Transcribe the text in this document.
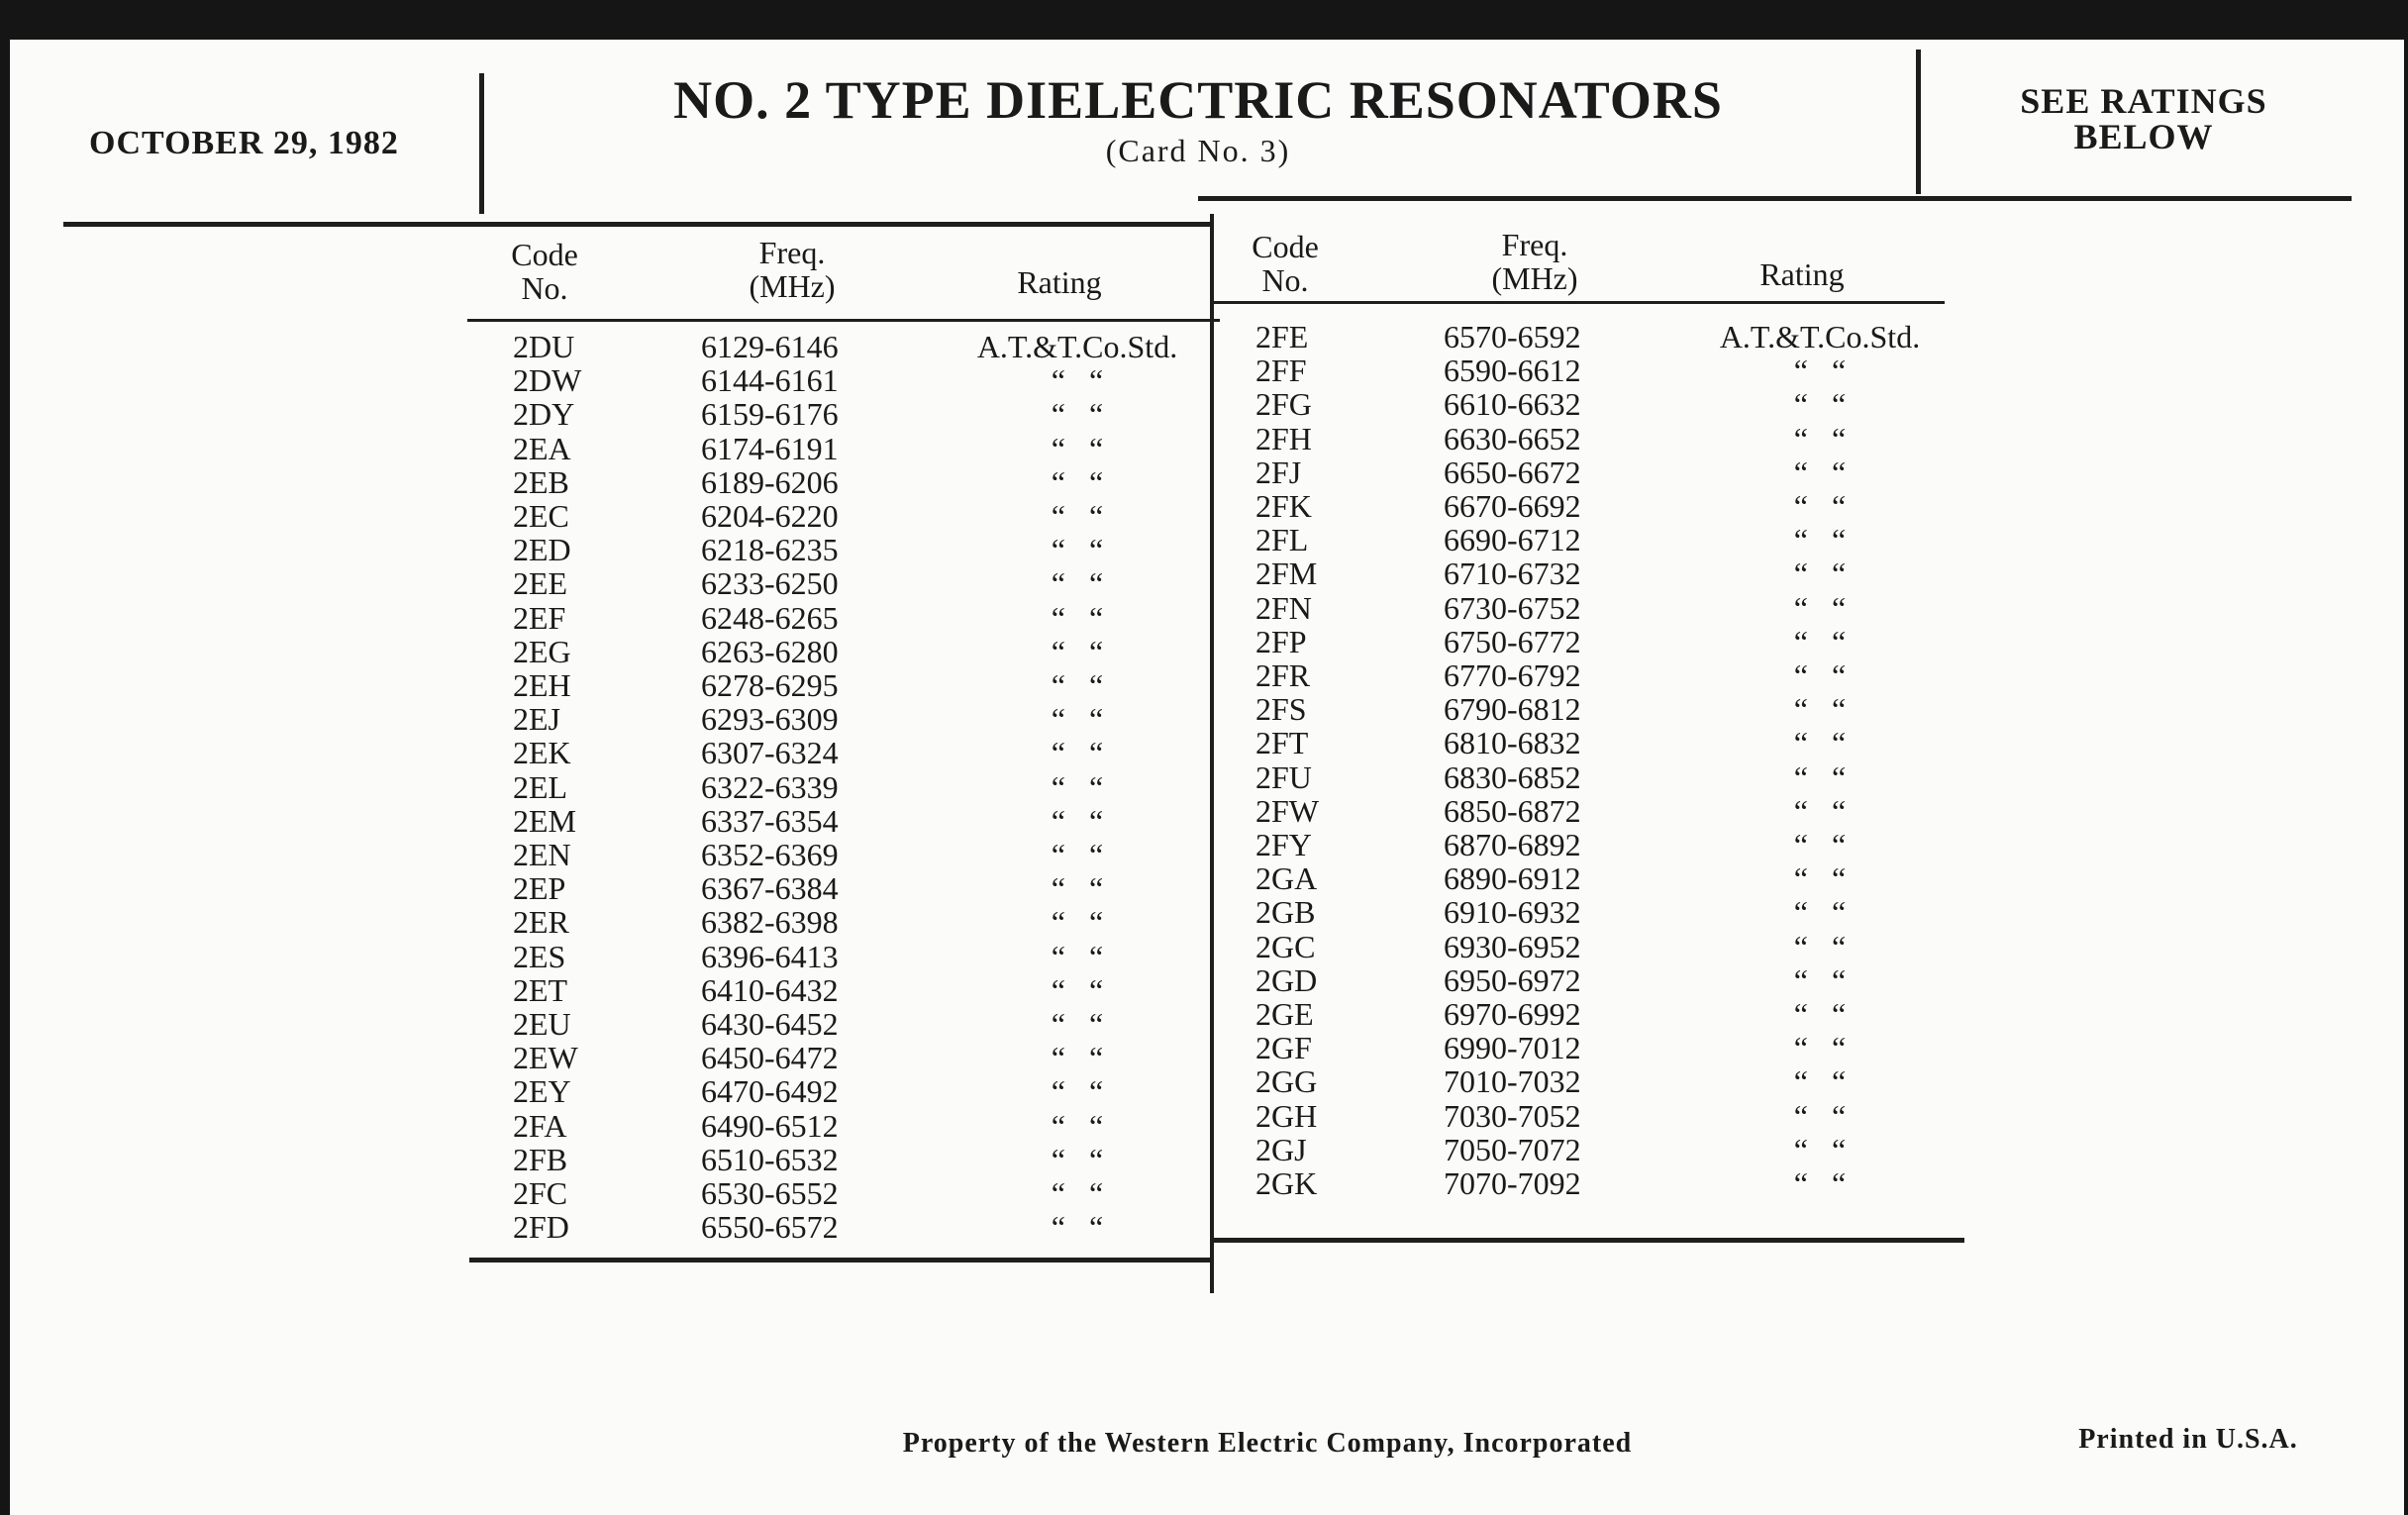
OCTOBER 29, 1982
NO. 2 TYPE DIELECTRIC RESONATORS
(Card No. 3)
SEE RATINGS
BELOW
Code
No.
Freq.
(MHz)	Rating
Code
No.
Freq.
(MHz)	Rating
2DU	6129-6146	A.T.&T.Co.Std.
2DW	6144-6161	“   “
2DY	6159-6176	“   “
2EA	6174-6191	“   “
2EB	6189-6206	“   “
2EC	6204-6220	“   “
2ED	6218-6235	“   “
2EE	6233-6250	“   “
2EF	6248-6265	“   “
2EG	6263-6280	“   “
2EH	6278-6295	“   “
2EJ	6293-6309	“   “
2EK	6307-6324	“   “
2EL	6322-6339	“   “
2EM	6337-6354	“   “
2EN	6352-6369	“   “
2EP	6367-6384	“   “
2ER	6382-6398	“   “
2ES	6396-6413	“   “
2ET	6410-6432	“   “
2EU	6430-6452	“   “
2EW	6450-6472	“   “
2EY	6470-6492	“   “
2FA	6490-6512	“   “
2FB	6510-6532	“   “
2FC	6530-6552	“   “
2FD	6550-6572	“   “
2FE	6570-6592	A.T.&T.Co.Std.
2FF	6590-6612	“   “
2FG	6610-6632	“   “
2FH	6630-6652	“   “
2FJ	6650-6672	“   “
2FK	6670-6692	“   “
2FL	6690-6712	“   “
2FM	6710-6732	“   “
2FN	6730-6752	“   “
2FP	6750-6772	“   “
2FR	6770-6792	“   “
2FS	6790-6812	“   “
2FT	6810-6832	“   “
2FU	6830-6852	“   “
2FW	6850-6872	“   “
2FY	6870-6892	“   “
2GA	6890-6912	“   “
2GB	6910-6932	“   “
2GC	6930-6952	“   “
2GD	6950-6972	“   “
2GE	6970-6992	“   “
2GF	6990-7012	“   “
2GG	7010-7032	“   “
2GH	7030-7052	“   “
2GJ	7050-7072	“   “
2GK	7070-7092	“   “
Property of the Western Electric Company, Incorporated	Printed in U.S.A.
